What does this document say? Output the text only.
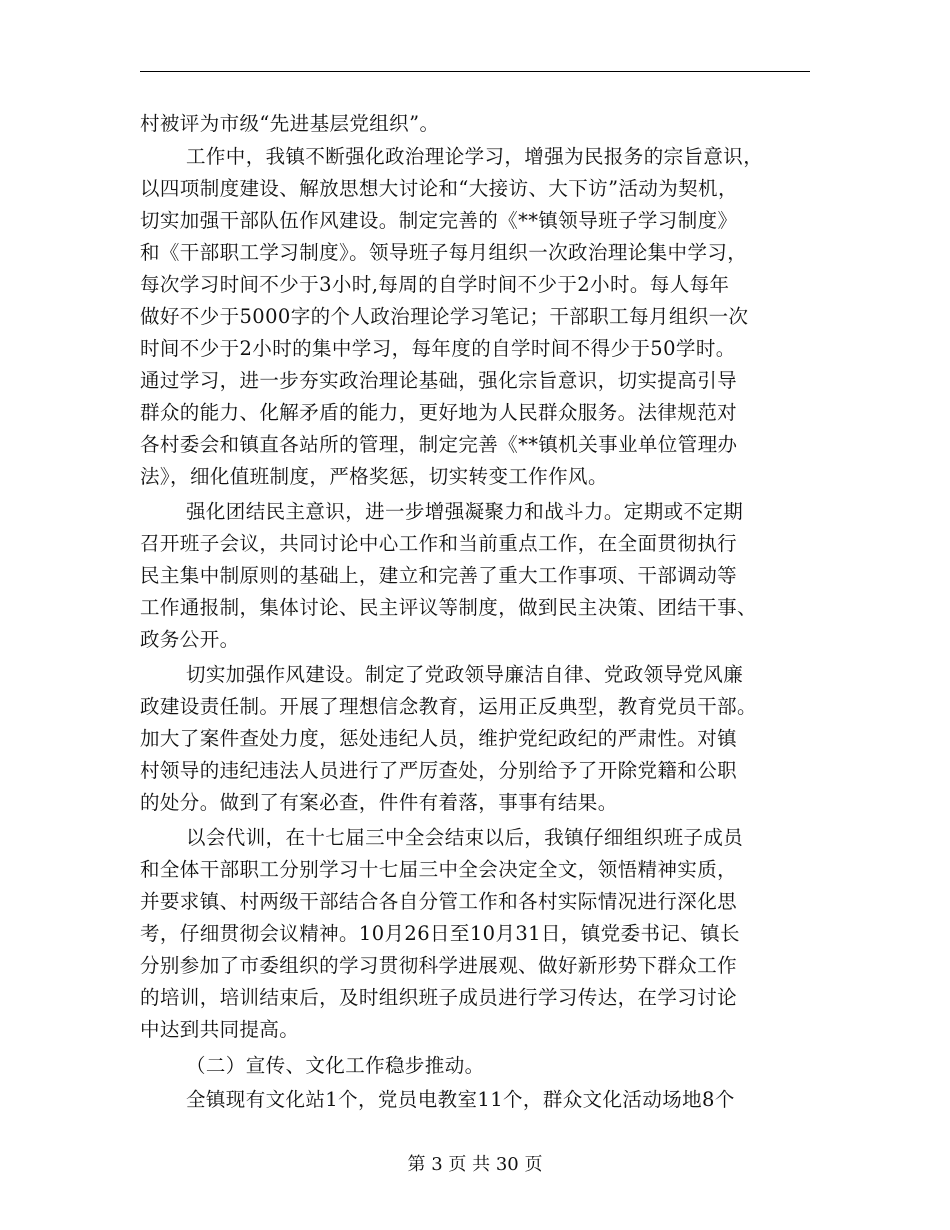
村被评为市级“先进基层党组织”。
工作中，我镇不断强化政治理论学习，增强为民报务的宗旨意识，
以四项制度建设、解放思想大讨论和“大接访、大下访”活动为契机，
切实加强干部队伍作风建设。制定完善的《**镇领导班子学习制度》
和《干部职工学习制度》。领导班子每月组织一次政治理论集中学习，
每次学习时间不少于3小时,每周的自学时间不少于2小时。每人每年
做好不少于5000字的个人政治理论学习笔记；干部职工每月组织一次
时间不少于2小时的集中学习，每年度的自学时间不得少于50学时。
通过学习，进一步夯实政治理论基础，强化宗旨意识，切实提高引导
群众的能力、化解矛盾的能力，更好地为人民群众服务。法律规范对
各村委会和镇直各站所的管理，制定完善《**镇机关事业单位管理办
法》，细化值班制度，严格奖惩，切实转变工作作风。
强化团结民主意识，进一步增强凝聚力和战斗力。定期或不定期
召开班子会议，共同讨论中心工作和当前重点工作，在全面贯彻执行
民主集中制原则的基础上，建立和完善了重大工作事项、干部调动等
工作通报制，集体讨论、民主评议等制度，做到民主决策、团结干事、
政务公开。
切实加强作风建设。制定了党政领导廉洁自律、党政领导党风廉
政建设责任制。开展了理想信念教育，运用正反典型，教育党员干部。
加大了案件查处力度，惩处违纪人员，维护党纪政纪的严肃性。对镇
村领导的违纪违法人员进行了严厉查处，分别给予了开除党籍和公职
的处分。做到了有案必查，件件有着落，事事有结果。
以会代训，在十七届三中全会结束以后，我镇仔细组织班子成员
和全体干部职工分别学习十七届三中全会决定全文，领悟精神实质，
并要求镇、村两级干部结合各自分管工作和各村实际情况进行深化思
考，仔细贯彻会议精神。10月26日至10月31日，镇党委书记、镇长
分别参加了市委组织的学习贯彻科学进展观、做好新形势下群众工作
的培训，培训结束后，及时组织班子成员进行学习传达，在学习讨论
中达到共同提高。
（二）宣传、文化工作稳步推动。
全镇现有文化站1个，党员电教室11个，群众文化活动场地8个
第 3 页 共 30 页
